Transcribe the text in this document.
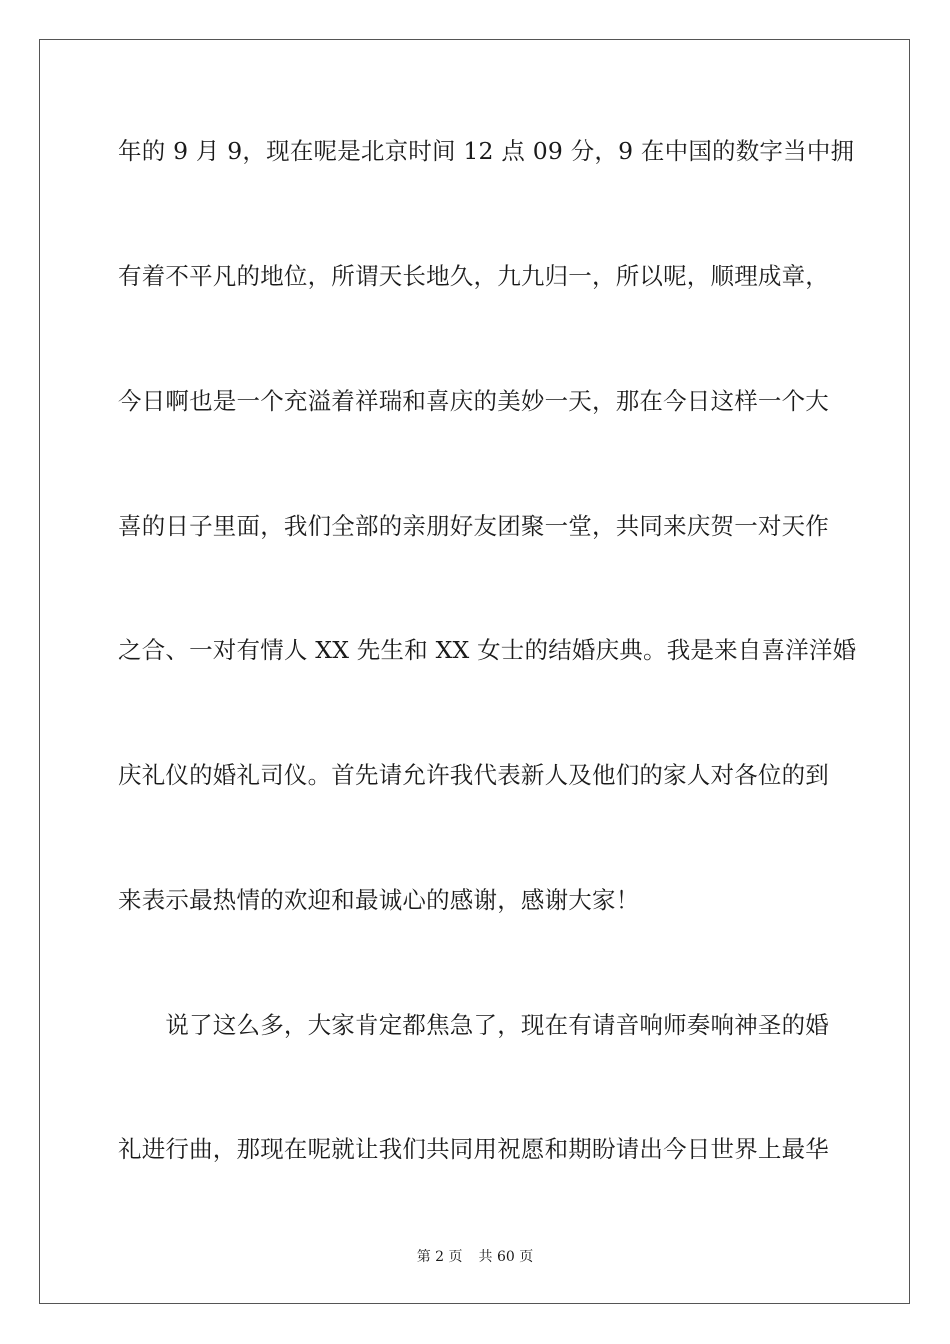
年的 9 月 9，现在呢是北京时间 12 点 09 分，9 在中国的数字当中拥
有着不平凡的地位，所谓天长地久，九九归一，所以呢，顺理成章，
今日啊也是一个充溢着祥瑞和喜庆的美妙一天，那在今日这样一个大
喜的日子里面，我们全部的亲朋好友团聚一堂，共同来庆贺一对天作
之合、一对有情人 XX 先生和 XX 女士的结婚庆典。我是来自喜洋洋婚
庆礼仪的婚礼司仪。首先请允许我代表新人及他们的家人对各位的到
来表示最热情的欢迎和最诚心的感谢，感谢大家！
　　说了这么多，大家肯定都焦急了，现在有请音响师奏响神圣的婚
礼进行曲，那现在呢就让我们共同用祝愿和期盼请出今日世界上最华
第 2 页 共 60 页
